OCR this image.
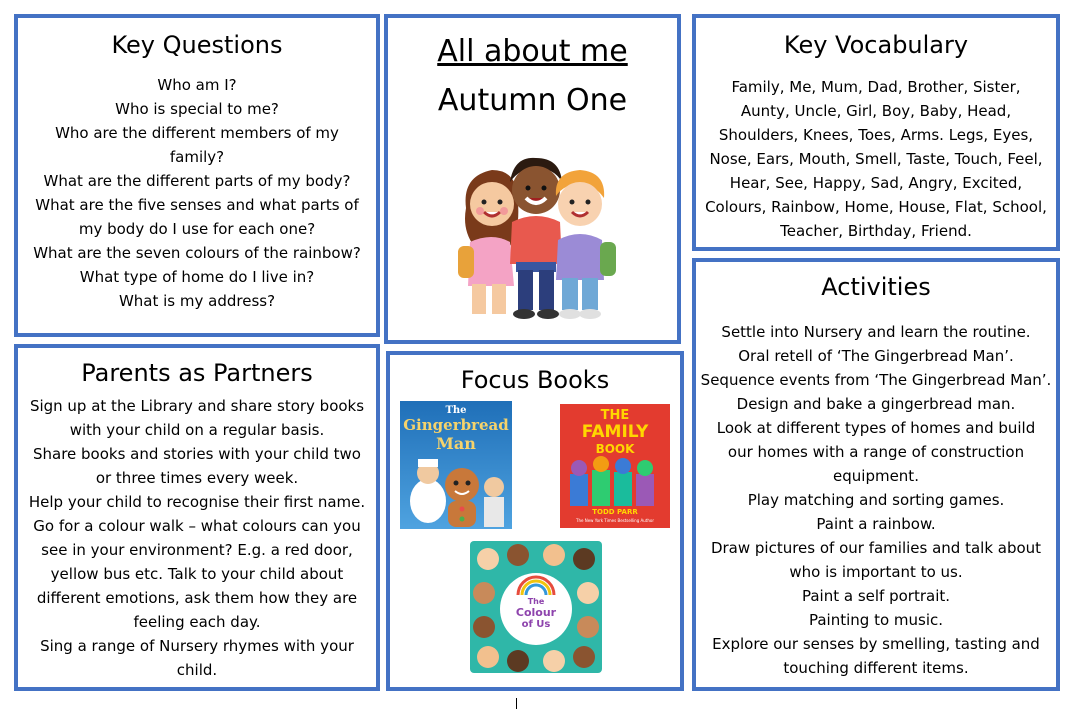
Key Questions
Who am I?
Who is special to me?
Who are the different members of my
family?
What are the different parts of my body?
What are the five senses and what parts of
my body do I use for each one?
What are the seven colours of the rainbow?
What type of home do I live in?
What is my address?
All about me
Autumn One
Key Vocabulary
Family, Me, Mum, Dad, Brother, Sister,
Aunty, Uncle, Girl, Boy, Baby, Head,
Shoulders, Knees, Toes, Arms. Legs, Eyes,
Nose, Ears, Mouth, Smell, Taste, Touch, Feel,
Hear, See, Happy, Sad, Angry, Excited,
Colours, Rainbow, Home, House, Flat, School,
Teacher, Birthday, Friend.
Parents as Partners
Sign up at the Library and share story books
with your child on a regular basis.
Share books and stories with your child two
or three times every week.
Help your child to recognise their first name.
Go for a colour walk – what colours can you
see in your environment? E.g. a red door,
yellow bus etc. Talk to your child about
different emotions, ask them how they are
feeling each day.
Sing a range of Nursery rhymes with your
child.
Focus Books
The
Gingerbread
Man
THE
FAMILY
BOOK
TODD PARR
The New York Times Bestselling Author
The
Colour
of Us
Activities
Settle into Nursery and learn the routine.
Oral retell of ‘The Gingerbread Man’.
Sequence events from ‘The Gingerbread Man’.
Design and bake a gingerbread man.
Look at different types of homes and build
our homes with a range of construction
equipment.
Play matching and sorting games.
Paint a rainbow.
Draw pictures of our families and talk about
who is important to us.
Paint a self portrait.
Painting to music.
Explore our senses by smelling, tasting and
touching different items.
